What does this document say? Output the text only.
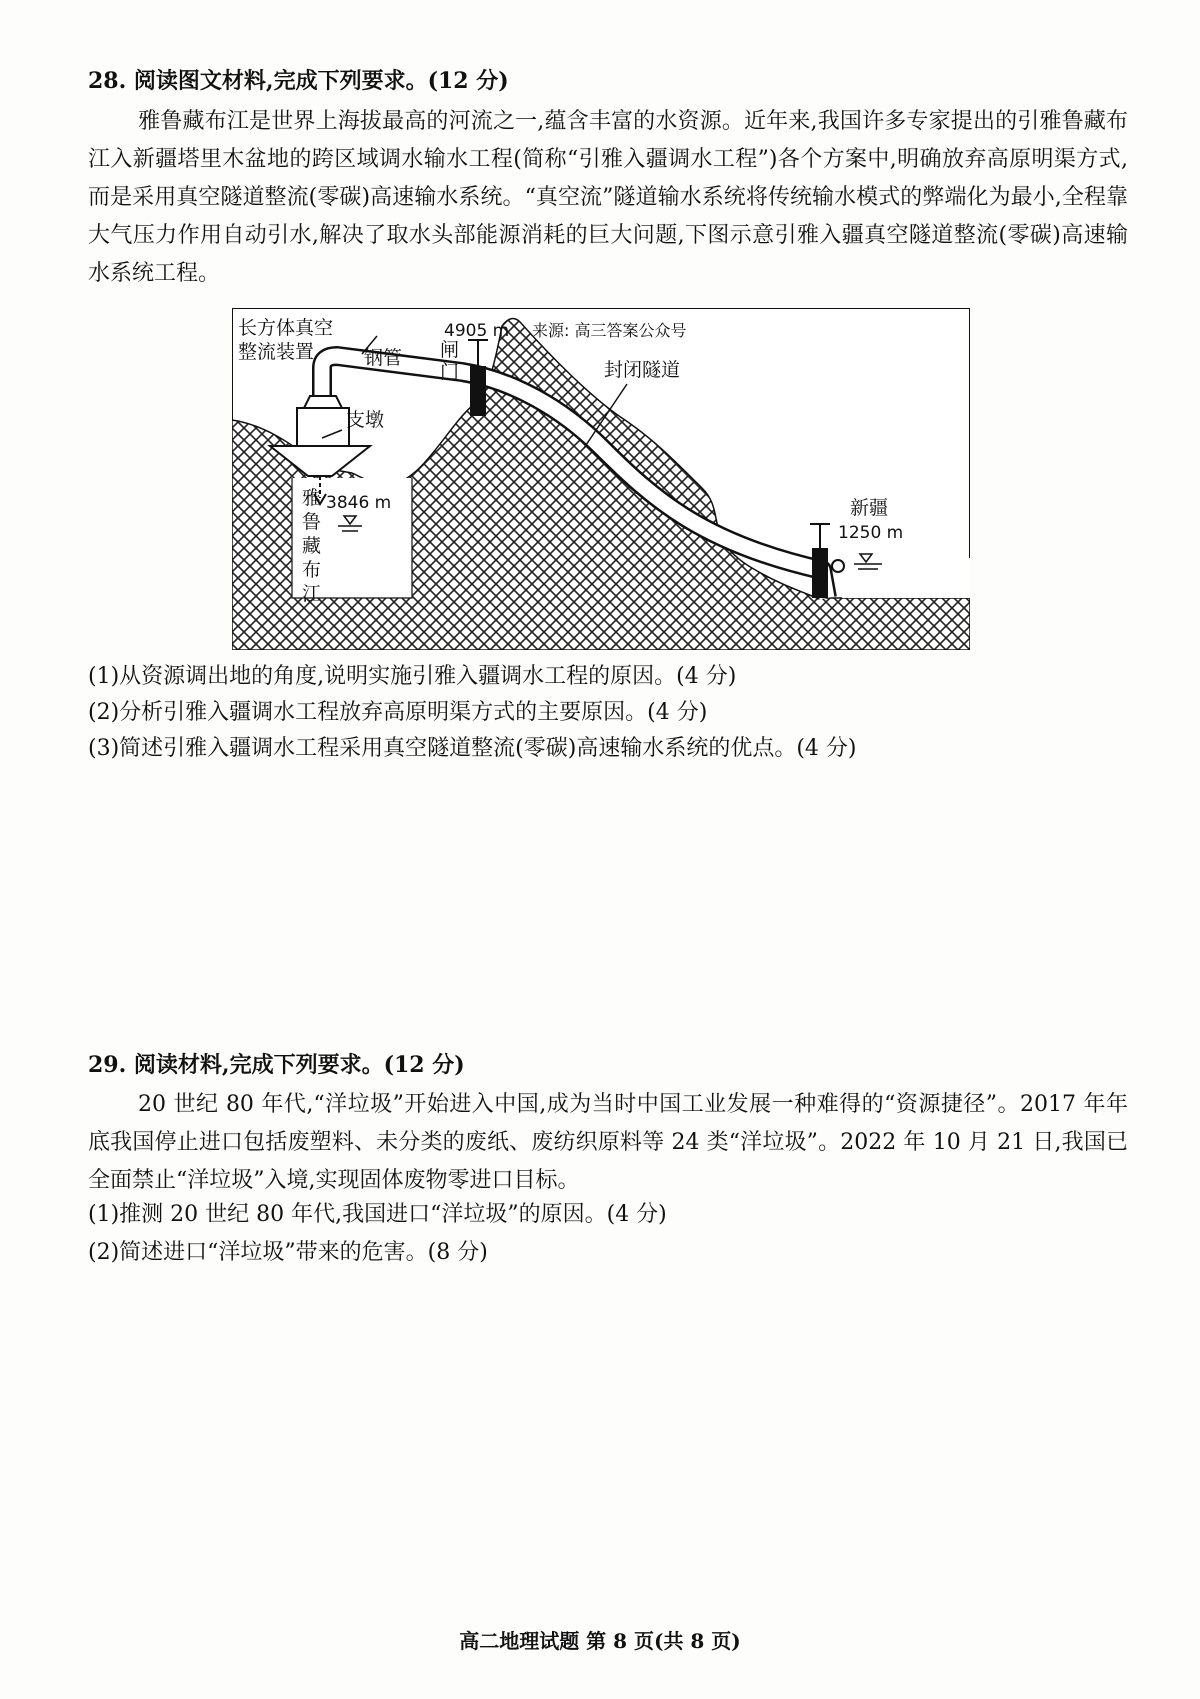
28. 阅读图文材料,完成下列要求。(12 分)
雅鲁藏布江是世界上海拔最高的河流之一,蕴含丰富的水资源。近年来,我国许多专家提出的引雅鲁藏布江入新疆塔里木盆地的跨区域调水输水工程(简称“引雅入疆调水工程”)各个方案中,明确放弃高原明渠方式,而是采用真空隧道整流(零碳)高速输水系统。“真空流”隧道输水系统将传统输水模式的弊端化为最小,全程靠大气压力作用自动引水,解决了取水头部能源消耗的巨大问题,下图示意引雅入疆真空隧道整流(零碳)高速输水系统工程。
长方体真空
整流装置
4905 m 来源: 高三答案公众号
钢管 闸
门	封闭隧道
支墩
雅
鲁
藏
布
江
3846 m	新疆
1250 m
(1)从资源调出地的角度,说明实施引雅入疆调水工程的原因。(4 分)
(2)分析引雅入疆调水工程放弃高原明渠方式的主要原因。(4 分)
(3)简述引雅入疆调水工程采用真空隧道整流(零碳)高速输水系统的优点。(4 分)
29. 阅读材料,完成下列要求。(12 分)
20 世纪 80 年代,“洋垃圾”开始进入中国,成为当时中国工业发展一种难得的“资源捷径”。2017 年年底我国停止进口包括废塑料、未分类的废纸、废纺织原料等 24 类“洋垃圾”。2022 年 10 月 21 日,我国已全面禁止“洋垃圾”入境,实现固体废物零进口目标。
(1)推测 20 世纪 80 年代,我国进口“洋垃圾”的原因。(4 分)
(2)简述进口“洋垃圾”带来的危害。(8 分)
高二地理试题 第 8 页(共 8 页)
